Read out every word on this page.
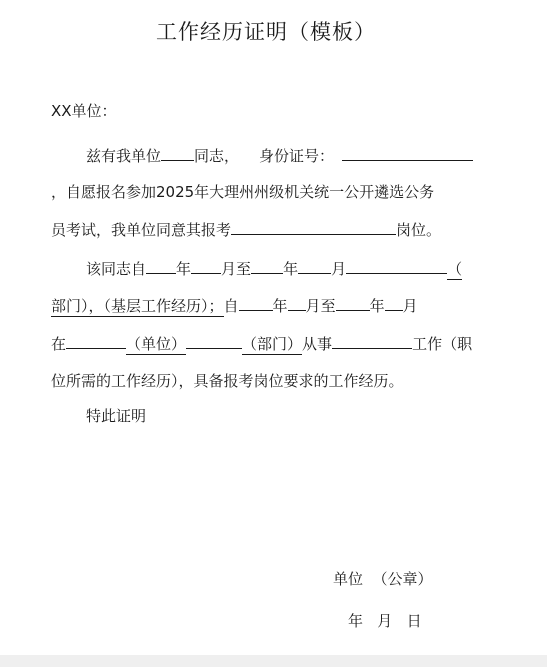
工作经历证明（模板）
XX单位：
兹有我单位 同志， 身份证号：
，自愿报名参加2025年大理州州级机关统一公开遴选公务
员考试，我单位同意其报考	岗位。
该同志自 年 月至 年 月	（
部门），（基层工作经历）；自 年 月至 年 月
在	（单位）	（部门）从事	工作（职
位所需的工作经历），具备报考岗位要求的工作经历。
特此证明
单位  （公章）
年   月   日
